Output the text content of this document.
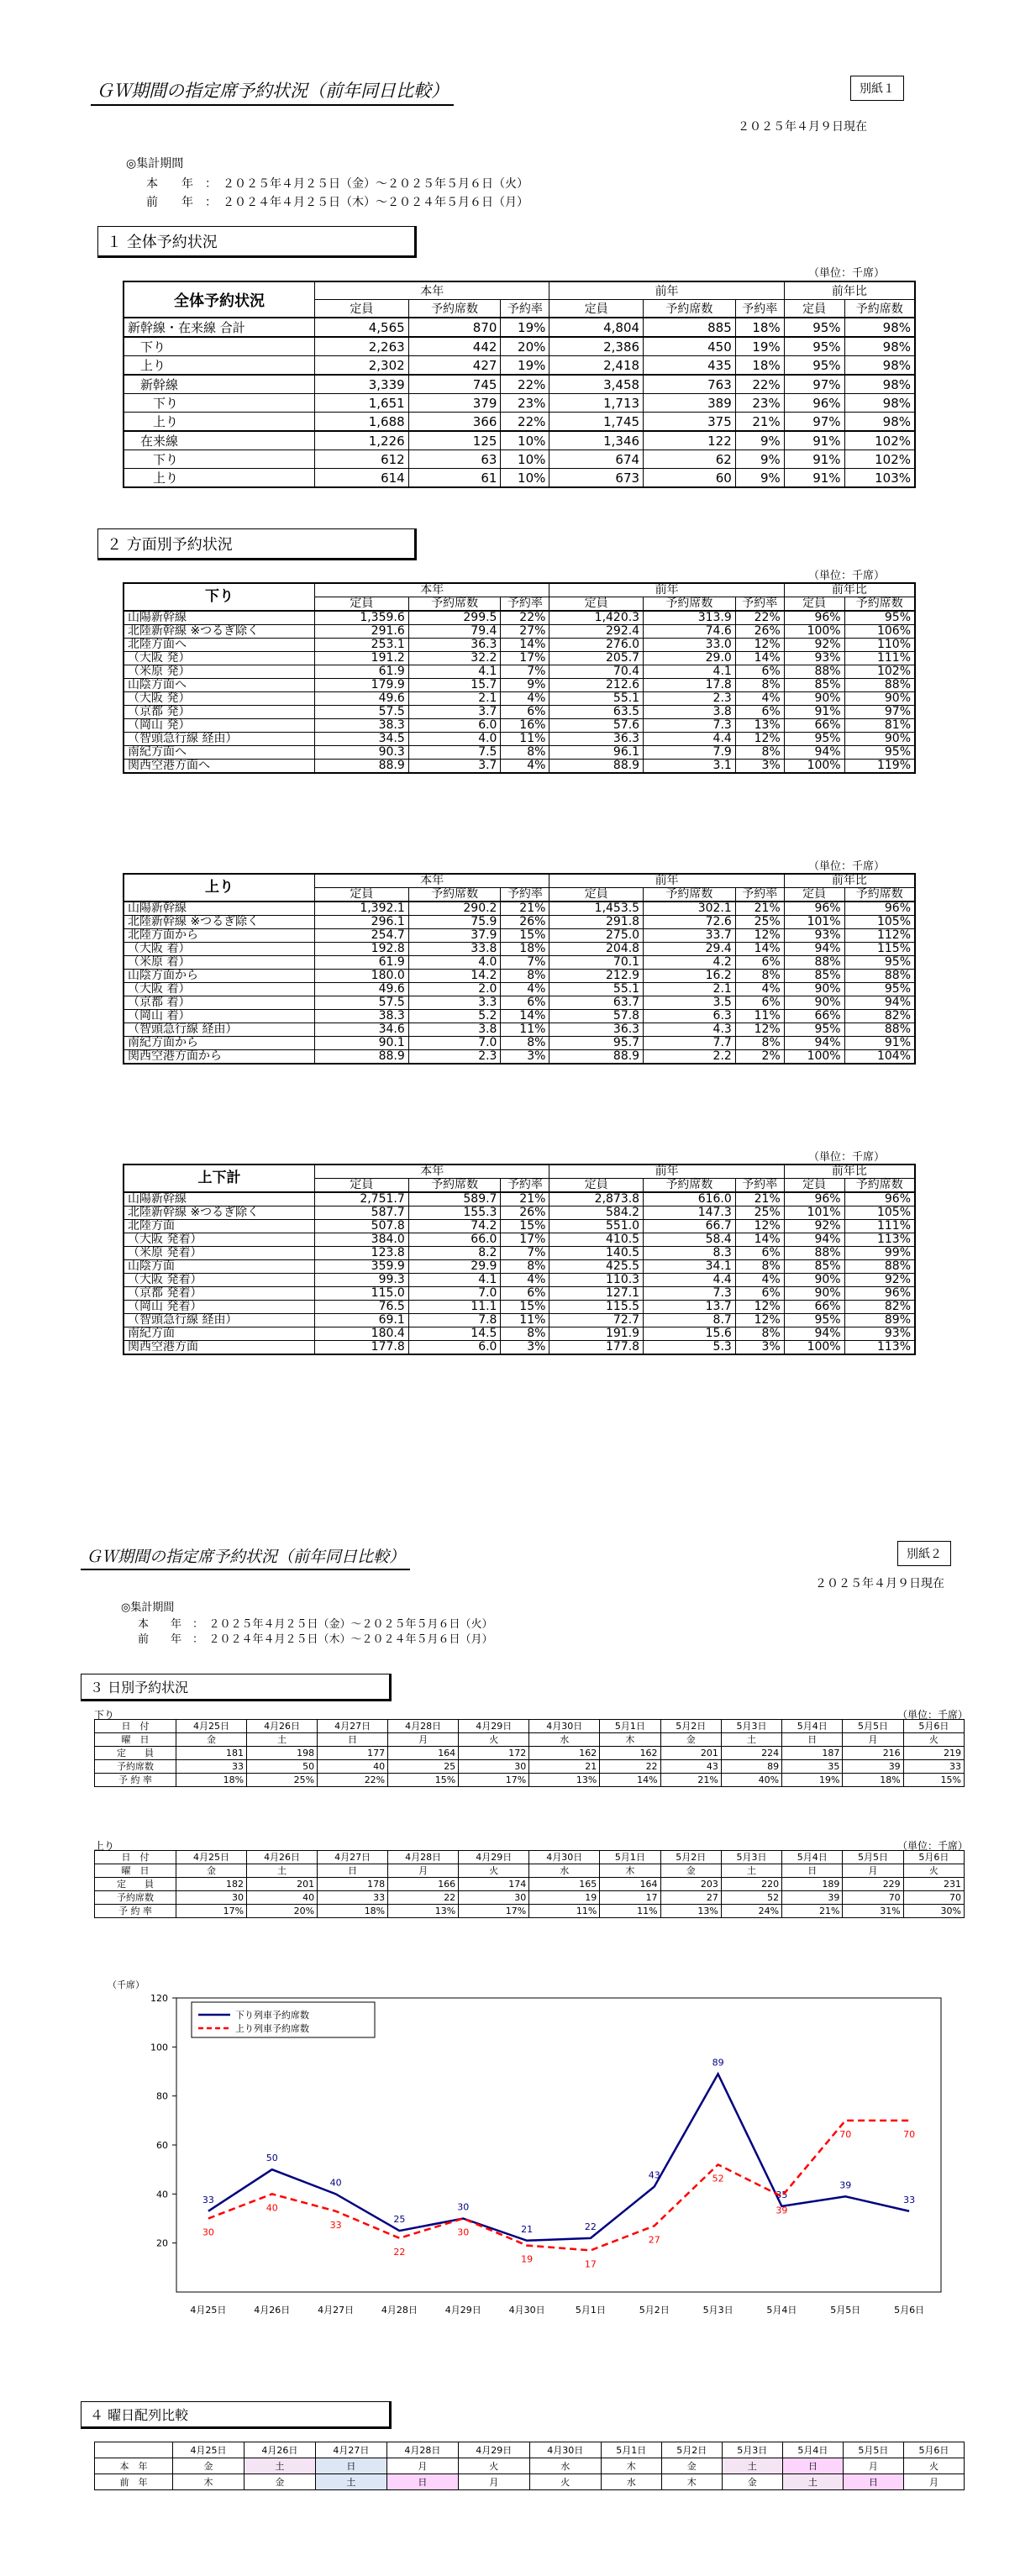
ＧＷ期間の指定席予約状況（前年同日比較）	別紙１
２０２５年４月９日現在
◎集計期間
本　　年　：　 ２０２５年４月２５日（金）～２０２５年５月６日（火）
前　　年　：　 ２０２４年４月２５日（木）～２０２４年５月６日（月）
１ 全体予約状況
（単位：千席）
全体予約状況	本年			前年			前年比	
	定員	予約席数	予約率	定員	予約席数	予約率	定員	予約席数
新幹線・在来線 合計	4,565	870	19%	4,804	885	18%	95%	98%
　下り	2,263	442	20%	2,386	450	19%	95%	98%
　上り	2,302	427	19%	2,418	435	18%	95%	98%
　新幹線	3,339	745	22%	3,458	763	22%	97%	98%
　　下り	1,651	379	23%	1,713	389	23%	96%	98%
　　上り	1,688	366	22%	1,745	375	21%	97%	98%
　在来線	1,226	125	10%	1,346	122	9%	91%	102%
　　下り	612	63	10%	674	62	9%	91%	102%
　　上り	614	61	10%	673	60	9%	91%	103%
２ 方面別予約状況
（単位：千席）
下り	本年			前年			前年比	
	定員	予約席数	予約率	定員	予約席数	予約率	定員	予約席数
山陽新幹線	1,359.6	299.5	22%	1,420.3	313.9	22%	96%	95%
北陸新幹線 ※つるぎ除く	291.6	79.4	27%	292.4	74.6	26%	100%	106%
北陸方面へ	253.1	36.3	14%	276.0	33.0	12%	92%	110%
（大阪 発）	191.2	32.2	17%	205.7	29.0	14%	93%	111%
（米原 発）	61.9	4.1	7%	70.4	4.1	6%	88%	102%
山陰方面へ	179.9	15.7	9%	212.6	17.8	8%	85%	88%
（大阪 発）	49.6	2.1	4%	55.1	2.3	4%	90%	90%
（京都 発）	57.5	3.7	6%	63.5	3.8	6%	91%	97%
（岡山 発）	38.3	6.0	16%	57.6	7.3	13%	66%	81%
（智頭急行線 経由）	34.5	4.0	11%	36.3	4.4	12%	95%	90%
南紀方面へ	90.3	7.5	8%	96.1	7.9	8%	94%	95%
関西空港方面へ	88.9	3.7	4%	88.9	3.1	3%	100%	119%
（単位：千席）
上り	本年			前年			前年比	
	定員	予約席数	予約率	定員	予約席数	予約率	定員	予約席数
山陽新幹線	1,392.1	290.2	21%	1,453.5	302.1	21%	96%	96%
北陸新幹線 ※つるぎ除く	296.1	75.9	26%	291.8	72.6	25%	101%	105%
北陸方面から	254.7	37.9	15%	275.0	33.7	12%	93%	112%
（大阪 着）	192.8	33.8	18%	204.8	29.4	14%	94%	115%
（米原 着）	61.9	4.0	7%	70.1	4.2	6%	88%	95%
山陰方面から	180.0	14.2	8%	212.9	16.2	8%	85%	88%
（大阪 着）	49.6	2.0	4%	55.1	2.1	4%	90%	95%
（京都 着）	57.5	3.3	6%	63.7	3.5	6%	90%	94%
（岡山 着）	38.3	5.2	14%	57.8	6.3	11%	66%	82%
（智頭急行線 経由）	34.6	3.8	11%	36.3	4.3	12%	95%	88%
南紀方面から	90.1	7.0	8%	95.7	7.7	8%	94%	91%
関西空港方面から	88.9	2.3	3%	88.9	2.2	2%	100%	104%
（単位：千席）
上下計	本年			前年			前年比	
	定員	予約席数	予約率	定員	予約席数	予約率	定員	予約席数
山陽新幹線	2,751.7	589.7	21%	2,873.8	616.0	21%	96%	96%
北陸新幹線 ※つるぎ除く	587.7	155.3	26%	584.2	147.3	25%	101%	105%
北陸方面	507.8	74.2	15%	551.0	66.7	12%	92%	111%
（大阪 発着）	384.0	66.0	17%	410.5	58.4	14%	94%	113%
（米原 発着）	123.8	8.2	7%	140.5	8.3	6%	88%	99%
山陰方面	359.9	29.9	8%	425.5	34.1	8%	85%	88%
（大阪 発着）	99.3	4.1	4%	110.3	4.4	4%	90%	92%
（京都 発着）	115.0	7.0	6%	127.1	7.3	6%	90%	96%
（岡山 発着）	76.5	11.1	15%	115.5	13.7	12%	66%	82%
（智頭急行線 経由）	69.1	7.8	11%	72.7	8.7	12%	95%	89%
南紀方面	180.4	14.5	8%	191.9	15.6	8%	94%	93%
関西空港方面	177.8	6.0	3%	177.8	5.3	3%	100%	113%
ＧＷ期間の指定席予約状況（前年同日比較）	別紙２
２０２５年４月９日現在
◎集計期間
本　　年　：　 ２０２５年４月２５日（金）～２０２５年５月６日（火）
前　　年　：　 ２０２４年４月２５日（木）～２０２４年５月６日（月）
３ 日別予約状況
下り	（単位：千席）
日　付	4月25日	4月26日	4月27日	4月28日	4月29日	4月30日	5月1日	5月2日	5月3日	5月4日	5月5日	5月6日
曜　日	金	土	日	月	火	水	木	金	土	日	月	火
定　　員	181	198	177	164	172	162	162	201	224	187	216	219
予約席数	33	50	40	25	30	21	22	43	89	35	39	33
予 約 率	18%	25%	22%	15%	17%	13%	14%	21%	40%	19%	18%	15%
上り	（単位：千席）
日　付	4月25日	4月26日	4月27日	4月28日	4月29日	4月30日	5月1日	5月2日	5月3日	5月4日	5月5日	5月6日
曜　日	金	土	日	月	火	水	木	金	土	日	月	火
定　　員	182	201	178	166	174	165	164	203	220	189	229	231
予約席数	30	40	33	22	30	19	17	27	52	39	70	70
予 約 率	17%	20%	18%	13%	17%	11%	11%	13%	24%	21%	31%	30%
（千席）
20
40
60
80
100
120
4月25日	4月26日	4月27日	4月28日	4月29日	4月30日	5月1日	5月2日	5月3日	5月4日	5月5日	5月6日
33
50
40
25
30
21	22
43
89
35
39
33
30
40
33
22
30
19	17
27
52
39
70	70
下り列車予約席数
上り列車予約席数
４ 曜日配列比較
	4月25日	4月26日	4月27日	4月28日	4月29日	4月30日	5月1日	5月2日	5月3日	5月4日	5月5日	5月6日
本　年	金	土	日	月	火	水	木	金	土	日	月	火
前　年	木	金	土	日	月	火	水	木	金	土	日	月
